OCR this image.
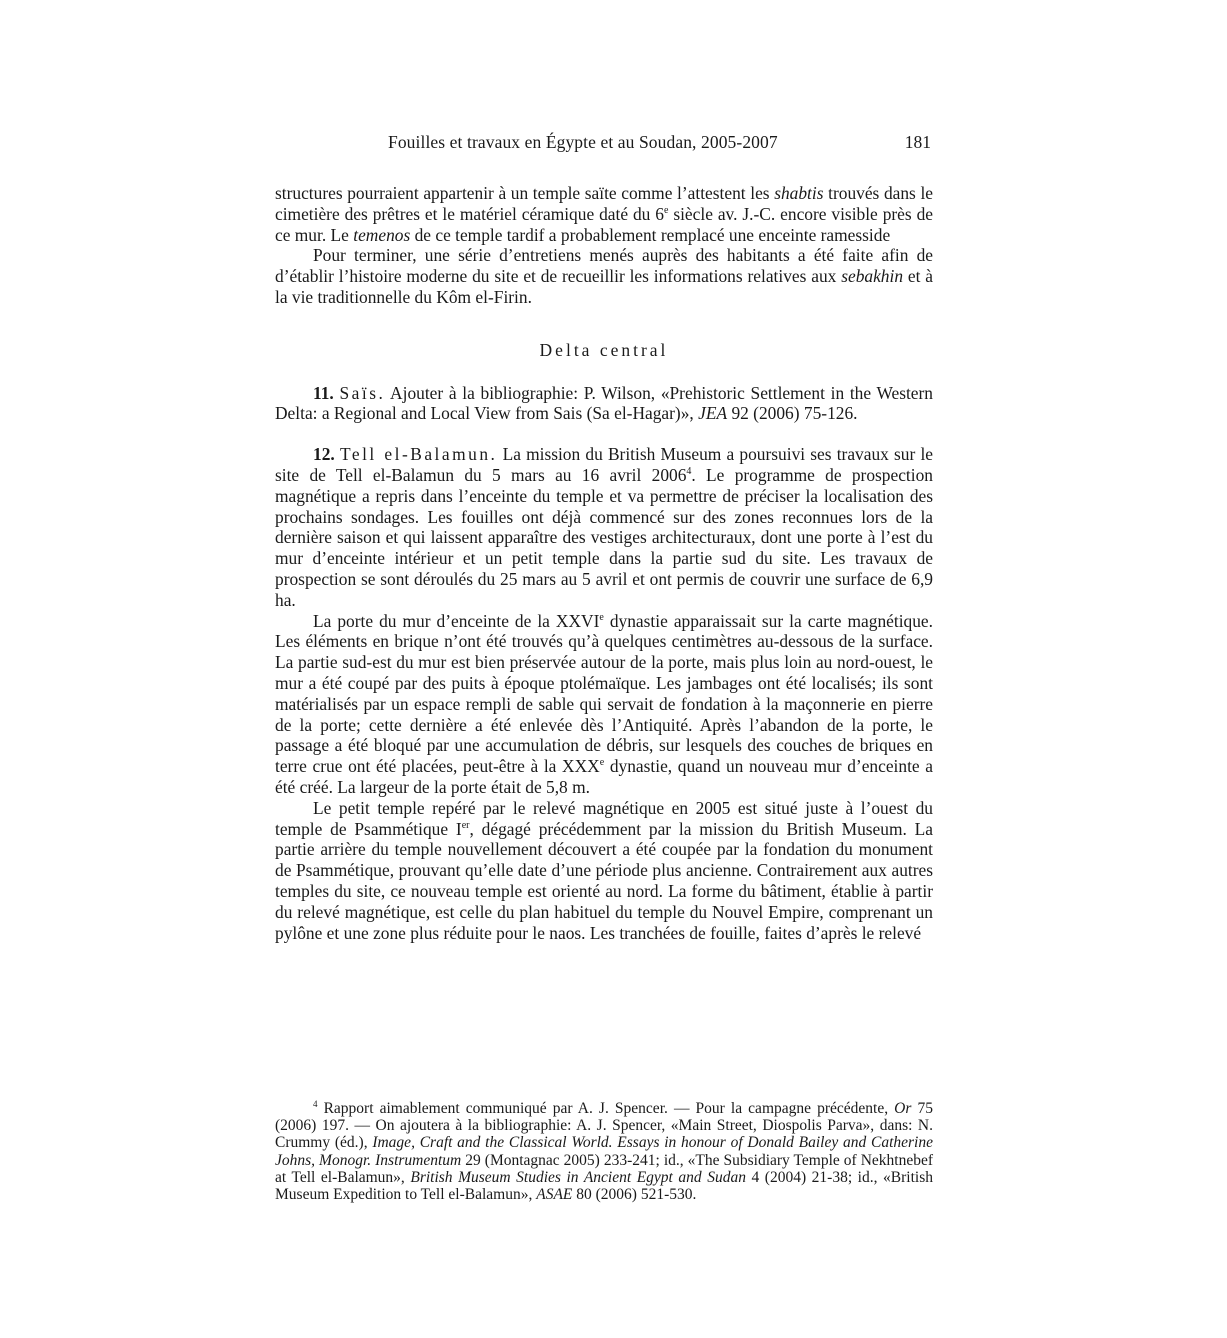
Fouilles et travaux en Égypte et au Soudan, 2005-2007	181

structures pourraient appartenir à un temple saïte comme l’attestent les shabtis trouvés dans le cimetière des prêtres et le matériel céramique daté du 6e siècle av. J.-C. encore visible près de ce mur. Le temenos de ce temple tardif a probablement remplacé une enceinte ramesside

Pour terminer, une série d’entretiens menés auprès des habitants a été faite afin de d’établir l’histoire moderne du site et de recueillir les informations relatives aux sebakhin et à la vie traditionnelle du Kôm el-Firin.

Delta central

11. Saïs. Ajouter à la bibliographie: P. Wilson, «Prehistoric Settlement in the Western Delta: a Regional and Local View from Sais (Sa el-Hagar)», JEA 92 (2006) 75-126.

12. Tell el-Balamun. La mission du British Museum a poursuivi ses travaux sur le site de Tell el-Balamun du 5 mars au 16 avril 2006$^4$. Le programme de prospection magnétique a repris dans l’enceinte du temple et va permettre de préciser la localisation des prochains sondages. Les fouilles ont déjà commencé sur des zones reconnues lors de la dernière saison et qui laissent apparaître des vestiges architecturaux, dont une porte à l’est du mur d’enceinte intérieur et un petit temple dans la partie sud du site. Les travaux de prospection se sont déroulés du 25 mars au 5 avril et ont permis de couvrir une surface de 6,9 ha.

La porte du mur d’enceinte de la XXVIe dynastie apparaissait sur la carte magnétique. Les éléments en brique n’ont été trouvés qu’à quelques centimètres au-dessous de la surface. La partie sud-est du mur est bien préservée autour de la porte, mais plus loin au nord-ouest, le mur a été coupé par des puits à époque ptolémaïque. Les jambages ont été localisés; ils sont matérialisés par un espace rempli de sable qui servait de fondation à la maçonnerie en pierre de la porte; cette dernière a été enlevée dès l’Antiquité. Après l’abandon de la porte, le passage a été bloqué par une accumulation de débris, sur lesquels des couches de briques en terre crue ont été placées, peut-être à la XXXe dynastie, quand un nouveau mur d’enceinte a été créé. La largeur de la porte était de 5,8 m.

Le petit temple repéré par le relevé magnétique en 2005 est situé juste à l’ouest du temple de Psammétique Ier, dégagé précédemment par la mission du British Museum. La partie arrière du temple nouvellement découvert a été coupée par la fondation du monument de Psammétique, prouvant qu’elle date d’une période plus ancienne. Contrairement aux autres temples du site, ce nouveau temple est orienté au nord. La forme du bâtiment, établie à partir du relevé magnétique, est celle du plan habituel du temple du Nouvel Empire, comprenant un pylône et une zone plus réduite pour le naos. Les tranchées de fouille, faites d’après le relevé

$^4$ Rapport aimablement communiqué par A. J. Spencer. — Pour la campagne précédente, Or 75 (2006) 197. — On ajoutera à la bibliographie: A. J. Spencer, «Main Street, Diospolis Parva», dans: N. Crummy (éd.), Image, Craft and the Classical World. Essays in honour of Donald Bailey and Catherine Johns, Monogr. Instrumentum 29 (Montagnac 2005) 233-241; id., «The Subsidiary Temple of Nekhtnebef at Tell el-Balamun», British Museum Studies in Ancient Egypt and Sudan 4 (2004) 21-38; id., «British Museum Expedition to Tell el-Balamun», ASAE 80 (2006) 521-530.
